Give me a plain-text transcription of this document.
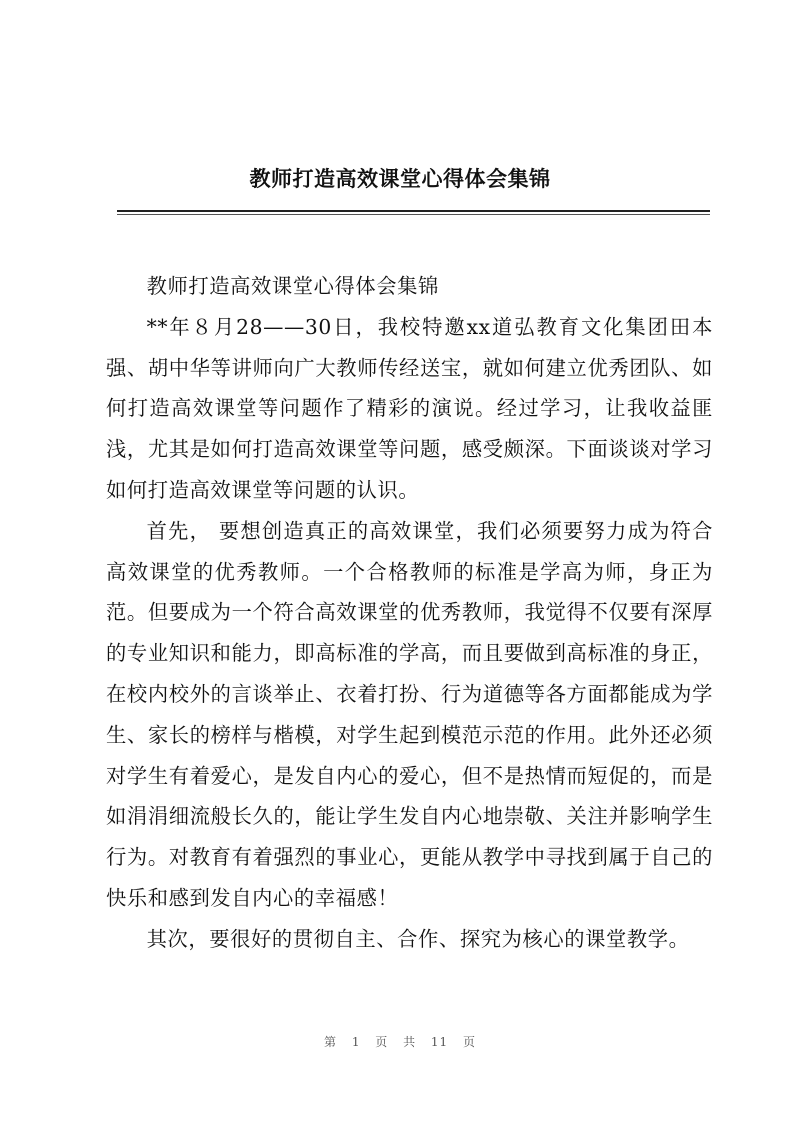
教师打造高效课堂心得体会集锦

教师打造高效课堂心得体会集锦

**年８月28——30日，我校特邀xx道弘教育文化集团田本强、胡中华等讲师向广大教师传经送宝，就如何建立优秀团队、如何打造高效课堂等问题作了精彩的演说。经过学习，让我收益匪浅，尤其是如何打造高效课堂等问题，感受颇深。下面谈谈对学习如何打造高效课堂等问题的认识。

首先， 要想创造真正的高效课堂，我们必须要努力成为符合高效课堂的优秀教师。一个合格教师的标准是学高为师，身正为范。但要成为一个符合高效课堂的优秀教师，我觉得不仅要有深厚的专业知识和能力，即高标准的学高，而且要做到高标准的身正，在校内校外的言谈举止、衣着打扮、行为道德等各方面都能成为学生、家长的榜样与楷模，对学生起到模范示范的作用。此外还必须对学生有着爱心，是发自内心的爱心，但不是热情而短促的，而是如涓涓细流般长久的，能让学生发自内心地崇敬、关注并影响学生行为。对教育有着强烈的事业心，更能从教学中寻找到属于自己的快乐和感到发自内心的幸福感！

其次，要很好的贯彻自主、合作、探究为核心的课堂教学。

第 1 页 共 11 页
